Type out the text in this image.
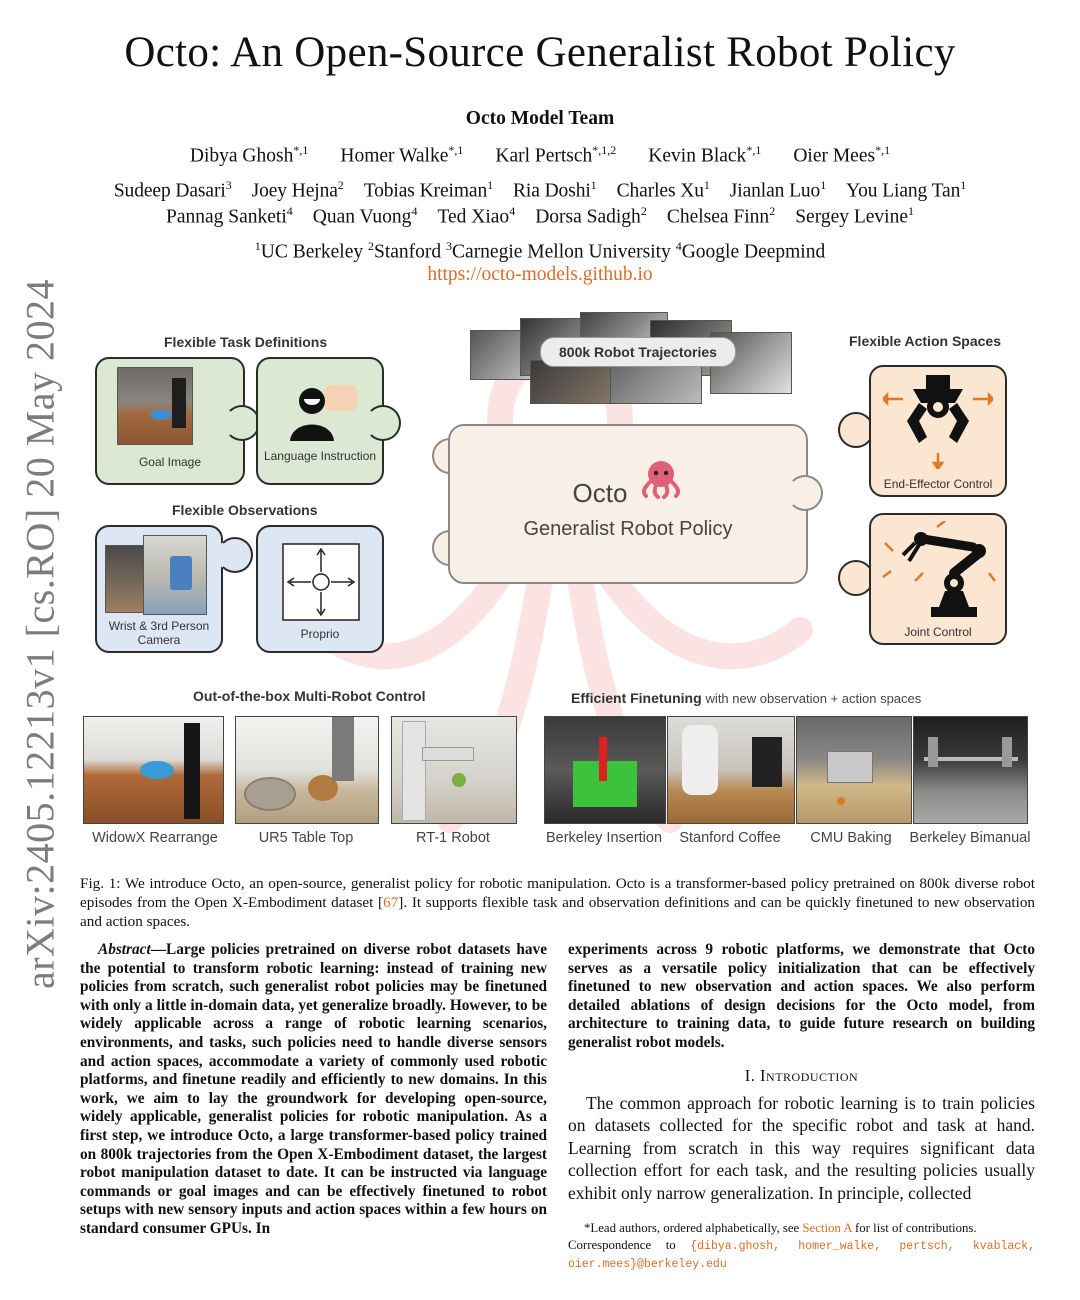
arXiv:2405.12213v1 [cs.RO] 20 May 2024
Octo: An Open-Source Generalist Robot Policy
Octo Model Team
Dibya Ghosh$^{*,1}$ Homer Walke$^{*,1}$ Karl Pertsch$^{*,1,2}$ Kevin Black$^{*,1}$ Oier Mees$^{*,1}$
Sudeep Dasari$^3$ Joey Hejna$^2$ Tobias Kreiman$^1$ Ria Doshi$^1$ Charles Xu$^1$ Jianlan Luo$^1$ You Liang Tan$^1$
Pannag Sanketi$^4$ Quan Vuong$^4$ Ted Xiao$^4$ Dorsa Sadigh$^2$ Chelsea Finn$^2$ Sergey Levine$^1$
$^1$UC Berkeley $^2$Stanford $^3$Carnegie Mellon University $^4$Google Deepmind
https://octo-models.github.io
Flexible Task Definitions
Flexible Observations
Flexible Action Spaces
Goal Image	Language Instruction
Wrist & 3rd Person Camera	Proprio
800k Robot Trajectories
Octo
Generalist Robot Policy
End-Effector Control
Joint Control
Out-of-the-box Multi-Robot Control	Efficient Finetuning with new observation + action spaces
WidowX Rearrange	UR5 Table Top	RT-1 Robot	Berkeley Insertion	Stanford Coffee	CMU Baking	Berkeley Bimanual
Fig. 1: We introduce Octo, an open-source, generalist policy for robotic manipulation. Octo is a transformer-based policy pretrained on 800k diverse robot episodes from the Open X-Embodiment dataset [67]. It supports flexible task and observation definitions and can be quickly finetuned to new observation and action spaces.
Abstract—Large policies pretrained on diverse robot datasets have the potential to transform robotic learning: instead of training new policies from scratch, such generalist robot policies may be finetuned with only a little in-domain data, yet generalize broadly. However, to be widely applicable across a range of robotic learning scenarios, environments, and tasks, such policies need to handle diverse sensors and action spaces, accommodate a variety of commonly used robotic platforms, and finetune readily and efficiently to new domains. In this work, we aim to lay the groundwork for developing open-source, widely applicable, generalist policies for robotic manipulation. As a first step, we introduce Octo, a large transformer-based policy trained on 800k trajectories from the Open X-Embodiment dataset, the largest robot manipulation dataset to date. It can be instructed via language commands or goal images and can be effectively finetuned to robot setups with new sensory inputs and action spaces within a few hours on standard consumer GPUs. In
experiments across 9 robotic platforms, we demonstrate that Octo serves as a versatile policy initialization that can be effectively finetuned to new observation and action spaces. We also perform detailed ablations of design decisions for the Octo model, from architecture to training data, to guide future research on building generalist robot models.
I. Introduction
The common approach for robotic learning is to train policies on datasets collected for the specific robot and task at hand. Learning from scratch in this way requires significant data collection effort for each task, and the resulting policies usually exhibit only narrow generalization. In principle, collected
*Lead authors, ordered alphabetically, see Section A for list of contributions.
Correspondence to {dibya.ghosh, homer_walke, pertsch, kvablack, oier.mees}@berkeley.edu
